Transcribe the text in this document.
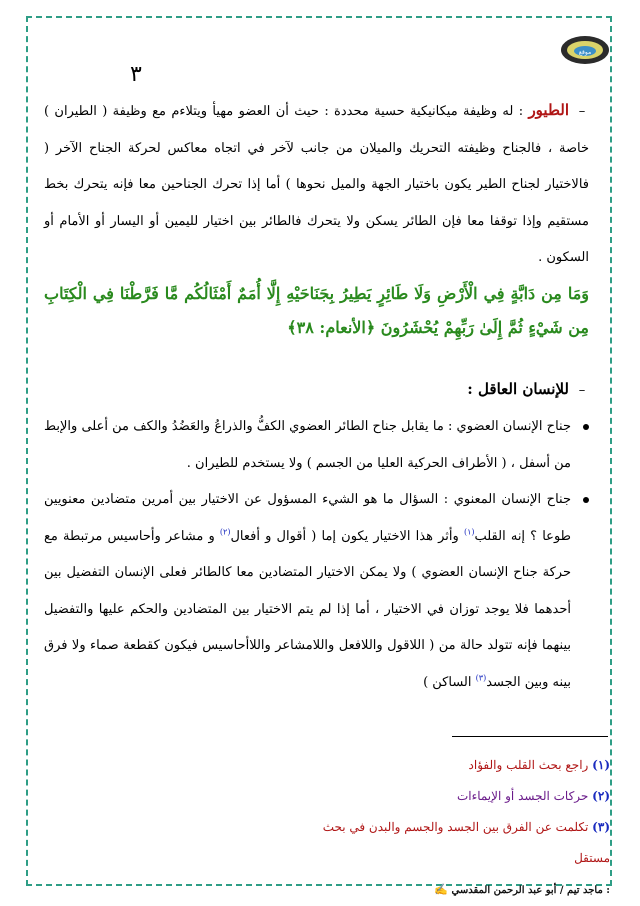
موقع
٣

–الطيور : له وظيفة ميكانيكية حسية محددة : حيث أن العضو مهيأ ويتلاءم مع وظيفة ( الطيران ) خاصة ، فالجناح وظيفته التحريك والميلان من جانب لآخر في اتجاه معاكس لحركة الجناح الآخر ( فالاختيار لجناح الطير يكون باختيار الجهة والميل نحوها ) أما إذا تحرك الجناحين معا فإنه يتحرك بخط مستقيم وإذا توقفا معا فإن الطائر يسكن ولا يتحرك فالطائر بين اختيار لليمين أو اليسار أو الأمام أو السكون .

وَمَا مِن دَابَّةٍ فِي الْأَرْضِ وَلَا طَائِرٍ يَطِيرُ بِجَنَاحَيْهِ إِلَّا أُمَمٌ أَمْثَالُكُم مَّا فَرَّطْنَا فِي الْكِتَابِ مِن شَيْءٍ ثُمَّ إِلَىٰ رَبِّهِمْ يُحْشَرُونَ ﴿الأنعام: ٣٨﴾

–للإنسان العاقل :

جناح الإنسان العضوي : ما يقابل جناح الطائر العضوي الكفُّ والذراعُ والعَضُدُ والكف من أعلى والإبط من أسفل ، ( الأطراف الحركية العليا من الجسم ) ولا يستخدم للطيران .

جناح الإنسان المعنوي : السؤال ما هو الشيء المسؤول عن الاختيار بين أمرين متضادين معنويين طوعا ؟ إنه القلب$^{(١)}$ وأثر هذا الاختيار يكون إما ( أقوال و أفعال$^{(٢)}$ و مشاعر وأحاسيس مرتبطة مع حركة جناح الإنسان العضوي ) ولا يمكن الاختيار المتضادين معا كالطائر فعلى الإنسان التفضيل بين أحدهما فلا يوجد توزان في الاختيار ، أما إذا لم يتم الاختيار بين المتضادين والحكم عليها والتفضيل بينهما فإنه تتولد حالة من ( اللاقول واللافعل واللامشاعر واللاأحاسيس فيكون كقطعة صماء ولا فرق بينه وبين الجسد$^{(٣)}$ الساكن )

(١) راجع بحث القلب والفؤاد
(٢) حركات الجسد أو الإيماءات
(٣) تكلمت عن الفرق بين الجسد والجسم والبدن في بحث مستقل
: ماجد تيم / أبو عبد الرحمن المقدسي ✍
